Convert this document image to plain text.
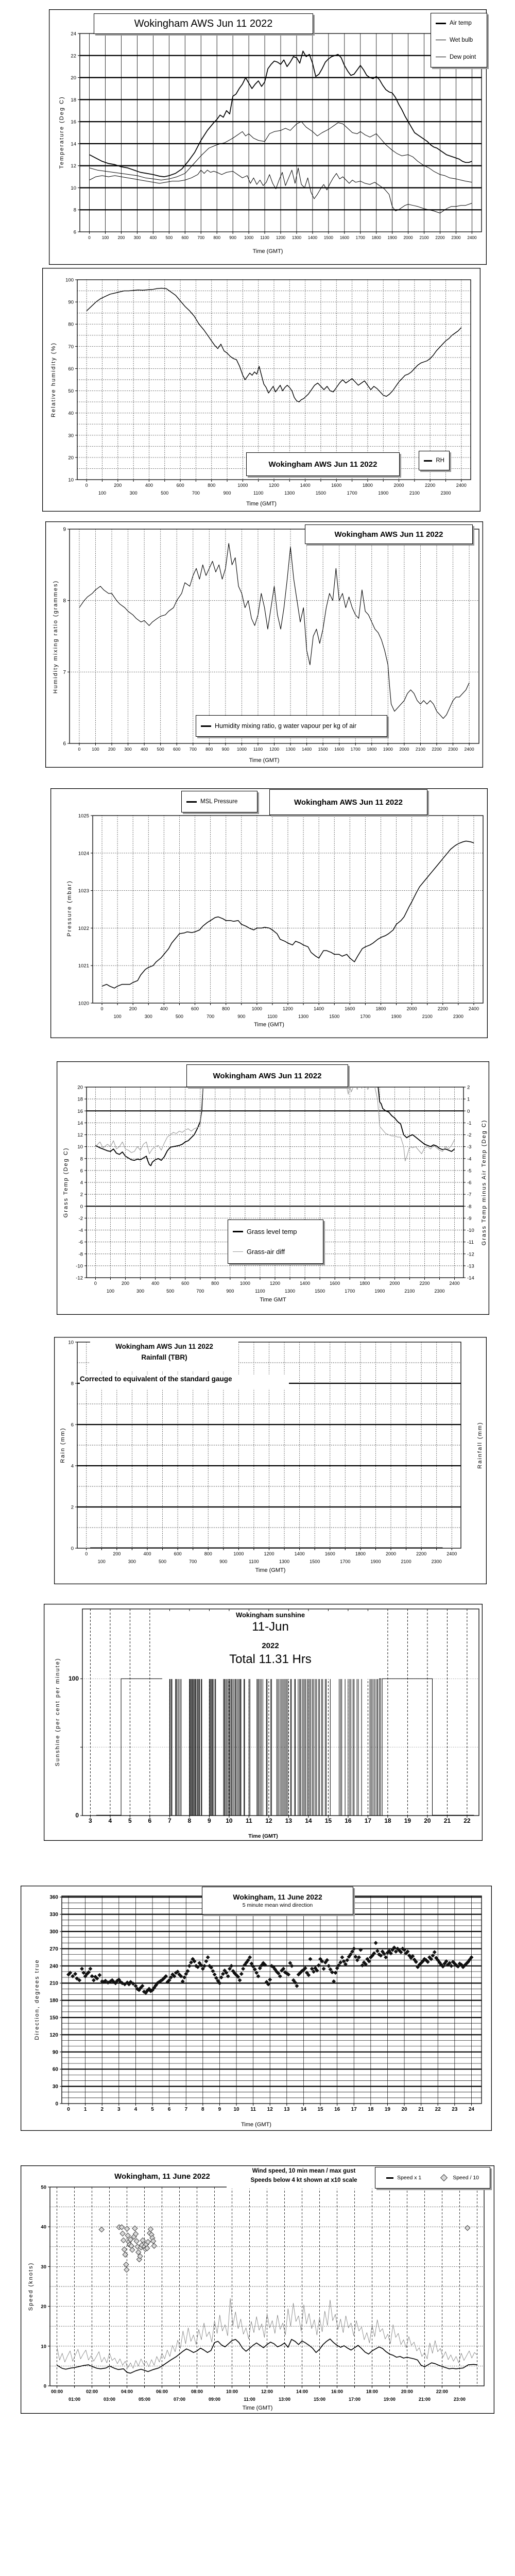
0	100 200 300 400 500 600 700 800 900 1000 1100 1200 1300 1400 1500 1600 1700 1800 1900 2000 2100 2200 2300 2400
6
8
10
12
14
16
18
20
22
24
Wokingham AWS Jun 11 2022	Air temp
Wet bulb
Dew point
Temperature (Deg C)
Time (GMT)
0
100
200
300
400
500
600
700
800
900
1000
1100
1200
1300
1400
1500
1600
1700
1800
1900
2000
2100
2200
2300
2400
10
20
30
40
50
60
70
80
90
100
Wokingham AWS Jun 11 2022	RH
Relative humidity (%)
Time (GMT)
0	100 200 300 400 500 600 700 800 900 1000 1100 1200 1300 1400 1500 1600 1700 1800 1900 2000 2100 2200 2300 2400
6
7
8
9
Wokingham AWS Jun 11 2022
Humidity mixing ratio, g water vapour per kg of air
Humidity mixing ratio (grammes)
Time (GMT)
0
100
200
300
400
500
600
700
800
900
1000
1100
1200
1300
1400
1500
1600
1700
1800
1900
2000
2100
2200
2300
2400
1020
1021
1022
1023
1024
1025
MSL Pressure	Wokingham AWS Jun 11 2022
Pressure (mbar)
Time (GMT)
0
100
200
300
400
500
600
700
800
900
1000
1100
1200
1300
1400
1500
1600
1700
1800
1900
2000
2100
2200
2300
2400
-12
-10
-8
-6
-4
-2
0
2
4
6
8
10
12
14
16
18
20
-14
-13
-12
-11
-10
-9
-8
-7
-6
-5
-4
-3
-2
-1
0
1
2
Wokingham AWS Jun 11 2022
Grass level temp
Grass-air diff
Grass Temp (Deg C)	Grass Temp minus Air Temp (Deg C)
Time GMT
0
100
200
300
400
500
600
700
800
900
1000
1100
1200
1300
1400
1500
1600
1700
1800
1900
2000
2100
2200
2300
2400
0
2
4
6
8
10	Wokingham AWS Jun 11 2022
Rainfall (TBR)
Corrected to equivalent of the standard gauge
Rain (mm)	Rainfall (mm)
Time (GMT)
3	4	5	6	7	8	9 10 11 12 13 14 15 16 17 18 19 20 21 22
0
100
Wokingham sunshine
11-Jun
2022
Total 11.31 Hrs
Sunshine (per cent per minute)
Time (GMT)
0	1	2	3	4	5	6	7	8	9 10 11 12 13 14 15 16 17 18 19 20 21 22 23 24
0
30
60
90
120
150
180
210
240
270
300
330
360	Wokingham, 11 June 2022
5 minute mean wind direction
Direction, degrees true
Time (GMT)
00:00
01:00
02:00
03:00
04:00
05:00
06:00
07:00
08:00
09:00
10:00
11:00
12:00
13:00
14:00
15:00
16:00
17:00
18:00
19:00
20:00
21:00
22:00
23:00
0
10
20
30
40
50
Wokingham, 11 June 2022
Wind speed, 10 min mean / max gust
Speeds below 4 kt shown at x10 scale	Speed x 1	Speed / 10
Speed (knots)
Time (GMT)
